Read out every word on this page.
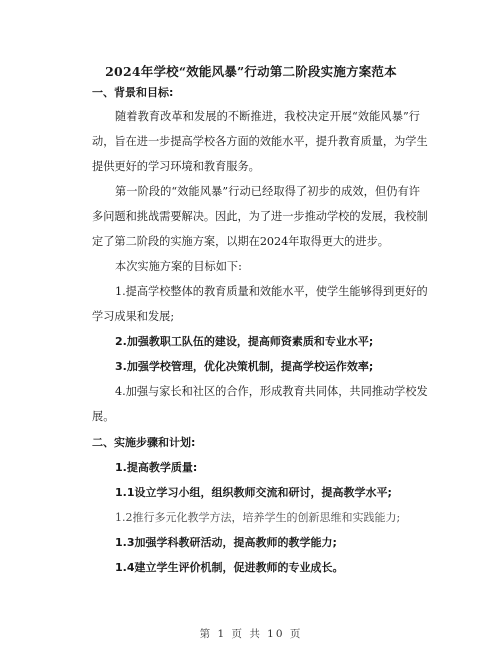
2024年学校“效能风暴”行动第二阶段实施方案范本
一、背景和目标:
随着教育改革和发展的不断推进，我校决定开展“效能风暴”行
动，旨在进一步提高学校各方面的效能水平，提升教育质量，为学生
提供更好的学习环境和教育服务。
第一阶段的“效能风暴”行动已经取得了初步的成效，但仍有许
多问题和挑战需要解决。因此，为了进一步推动学校的发展，我校制
定了第二阶段的实施方案，以期在2024年取得更大的进步。
本次实施方案的目标如下:
1.提高学校整体的教育质量和效能水平，使学生能够得到更好的
学习成果和发展;
2.加强教职工队伍的建设，提高师资素质和专业水平;
3.加强学校管理，优化决策机制，提高学校运作效率;
4.加强与家长和社区的合作，形成教育共同体，共同推动学校发
展。
二、实施步骤和计划:
1.提高教学质量:
1.1设立学习小组，组织教师交流和研讨，提高教学水平;
1.2推行多元化教学方法，培养学生的创新思维和实践能力;
1.3加强学科教研活动，提高教师的教学能力;
1.4建立学生评价机制，促进教师的专业成长。
第 1 页 共 10 页
